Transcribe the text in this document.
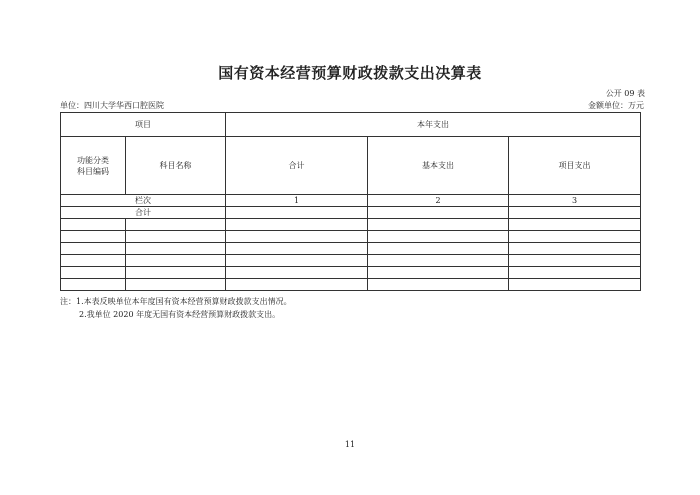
国有资本经营预算财政拨款支出决算表
公开 09 表
单位：四川大学华西口腔医院	金额单位：万元
项目		本年支出		
功能分类
科目编码	科目名称	合计	基本支出	项目支出
栏次		1	2	3
合计				

注：1.本表反映单位本年度国有资本经营预算财政拨款支出情况。
2.我单位 2020 年度无国有资本经营预算财政拨款支出。
11
